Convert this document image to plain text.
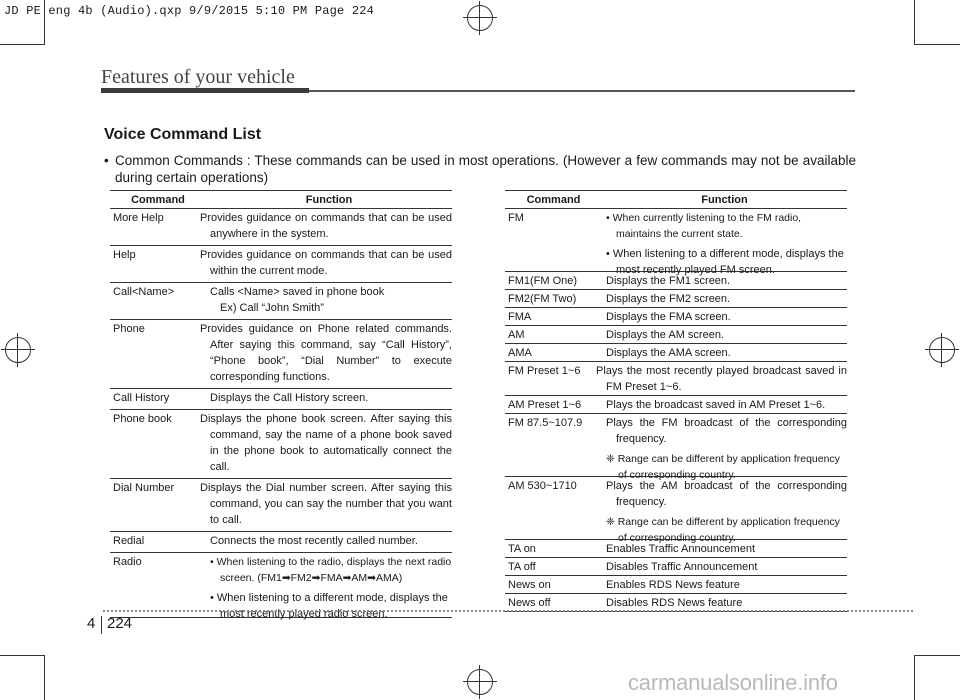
JD PE eng 4b (Audio).qxp 9/9/2015 5:10 PM Page 224
Features of your vehicle
Voice Command List
• Common Commands : These commands can be used in most operations. (However a few commands may not be available during certain operations)
Command	Function
More Help	Provides guidance on commands that can be used anywhere in the system.
Help	Provides guidance on commands that can be used within the current mode.
Call<Name>	Calls <Name> saved in phone book
Ex) Call “John Smith”
Phone	Provides guidance on Phone related commands. After saying this command, say “Call History”, “Phone book”, “Dial Number” to execute corresponding functions.
Call History	Displays the Call History screen.
Phone book	Displays the phone book screen. After saying this command, say the name of a phone book saved in the phone book to automatically connect the call.
Dial Number	Displays the Dial number screen. After saying this command, you can say the number that you want to call.
Redial	Connects the most recently called number.
Radio	• When listening to the radio, displays the next radio screen. (FM1➡FM2➡FMA➡AM➡AMA)
• When listening to a different mode, displays the most recently played radio screen.
Command	Function
FM	• When currently listening to the FM radio, maintains the current state.
• When listening to a different mode, displays the most recently played FM screen.
FM1(FM One)	Displays the FM1 screen.
FM2(FM Two)	Displays the FM2 screen.
FMA	Displays the FMA screen.
AM	Displays the AM screen.
AMA	Displays the AMA screen.
FM Preset 1~6	Plays the most recently played broadcast saved in FM Preset 1~6.
AM Preset 1~6	Plays the broadcast saved in AM Preset 1~6.
FM 87.5~107.9	Plays the FM broadcast of the corresponding frequency.
❈ Range can be different by application frequency of corresponding country.
AM 530~1710	Plays the AM broadcast of the corresponding frequency.
❈ Range can be different by application frequency of corresponding country.
TA on	Enables Traffic Announcement
TA off	Disables Traffic Announcement
News on	Enables RDS News feature
News off	Disables RDS News feature
4 224
carmanualsonline.info
